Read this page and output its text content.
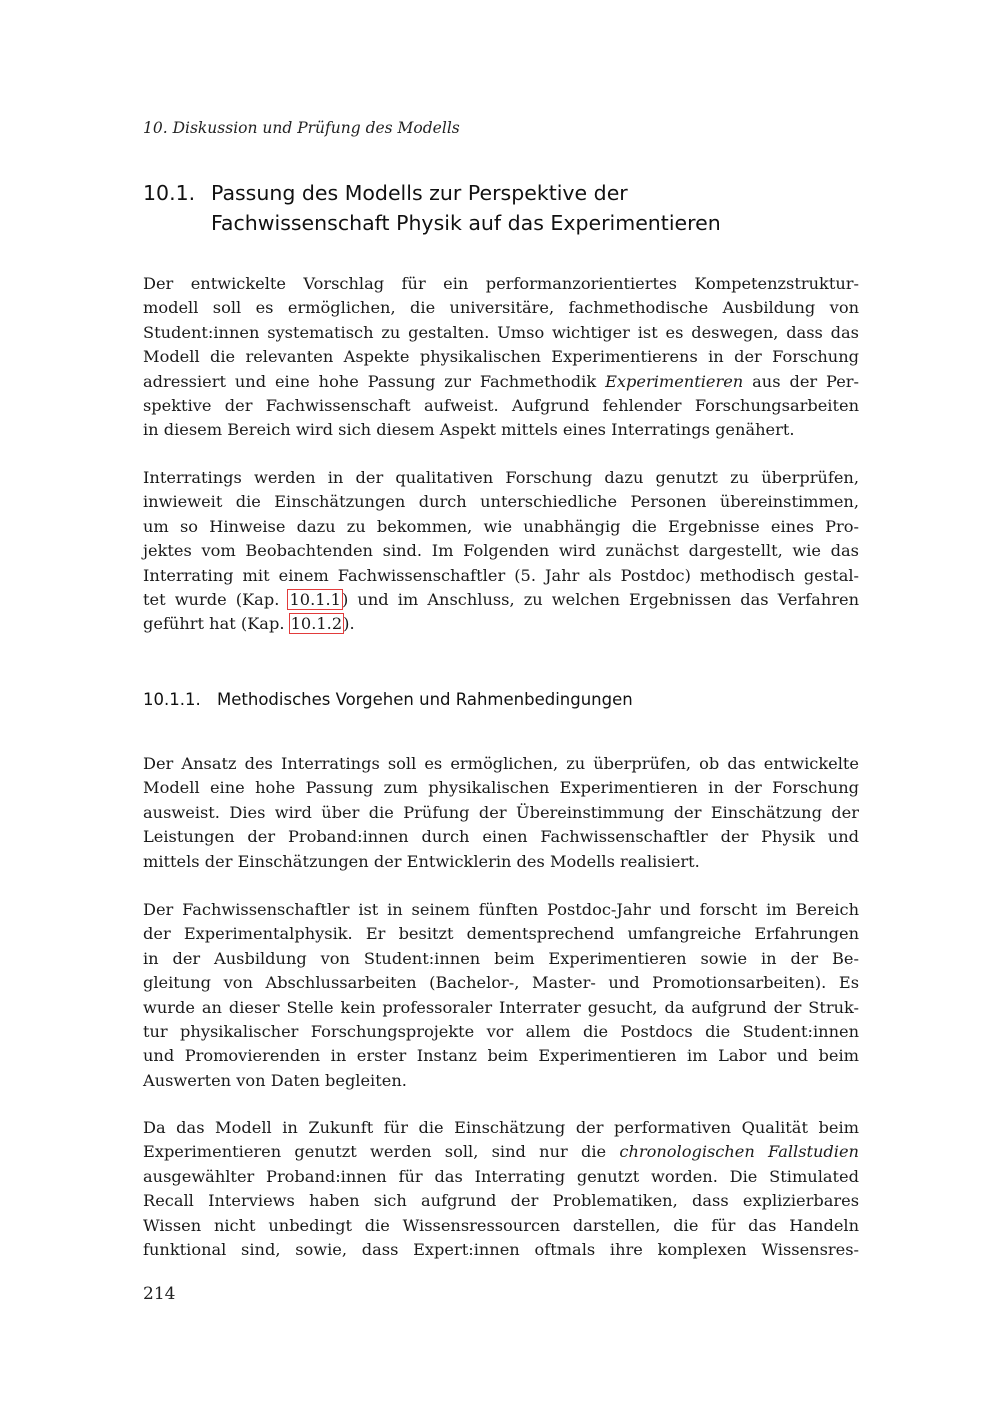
10. Diskussion und Prüfung des Modells
10.1. Passung des Modells zur Perspektive der
Fachwissenschaft Physik auf das Experimentieren

Der entwickelte Vorschlag für ein performanzorientiertes Kompetenzstruktur-
modell soll es ermöglichen, die universitäre, fachmethodische Ausbildung von
Student:innen systematisch zu gestalten. Umso wichtiger ist es deswegen, dass das
Modell die relevanten Aspekte physikalischen Experimentierens in der Forschung
adressiert und eine hohe Passung zur Fachmethodik Experimentieren aus der Per-
spektive der Fachwissenschaft aufweist. Aufgrund fehlender Forschungsarbeiten
in diesem Bereich wird sich diesem Aspekt mittels eines Interratings genähert.

Interratings werden in der qualitativen Forschung dazu genutzt zu überprüfen,
inwieweit die Einschätzungen durch unterschiedliche Personen übereinstimmen,
um so Hinweise dazu zu bekommen, wie unabhängig die Ergebnisse eines Pro-
jektes vom Beobachtenden sind. Im Folgenden wird zunächst dargestellt, wie das
Interrating mit einem Fachwissenschaftler (5. Jahr als Postdoc) methodisch gestal-
tet wurde (Kap. 10.1.1) und im Anschluss, zu welchen Ergebnissen das Verfahren
geführt hat (Kap. 10.1.2).

10.1.1. Methodisches Vorgehen und Rahmenbedingungen

Der Ansatz des Interratings soll es ermöglichen, zu überprüfen, ob das entwickelte
Modell eine hohe Passung zum physikalischen Experimentieren in der Forschung
ausweist. Dies wird über die Prüfung der Übereinstimmung der Einschätzung der
Leistungen der Proband:innen durch einen Fachwissenschaftler der Physik und
mittels der Einschätzungen der Entwicklerin des Modells realisiert.

Der Fachwissenschaftler ist in seinem fünften Postdoc-Jahr und forscht im Bereich
der Experimentalphysik. Er besitzt dementsprechend umfangreiche Erfahrungen
in der Ausbildung von Student:innen beim Experimentieren sowie in der Be-
gleitung von Abschlussarbeiten (Bachelor-, Master- und Promotionsarbeiten). Es
wurde an dieser Stelle kein professoraler Interrater gesucht, da aufgrund der Struk-
tur physikalischer Forschungsprojekte vor allem die Postdocs die Student:innen
und Promovierenden in erster Instanz beim Experimentieren im Labor und beim
Auswerten von Daten begleiten.

Da das Modell in Zukunft für die Einschätzung der performativen Qualität beim
Experimentieren genutzt werden soll, sind nur die chronologischen Fallstudien
ausgewählter Proband:innen für das Interrating genutzt worden. Die Stimulated
Recall Interviews haben sich aufgrund der Problematiken, dass explizierbares
Wissen nicht unbedingt die Wissensressourcen darstellen, die für das Handeln
funktional sind, sowie, dass Expert:innen oftmals ihre komplexen Wissensres-

214
